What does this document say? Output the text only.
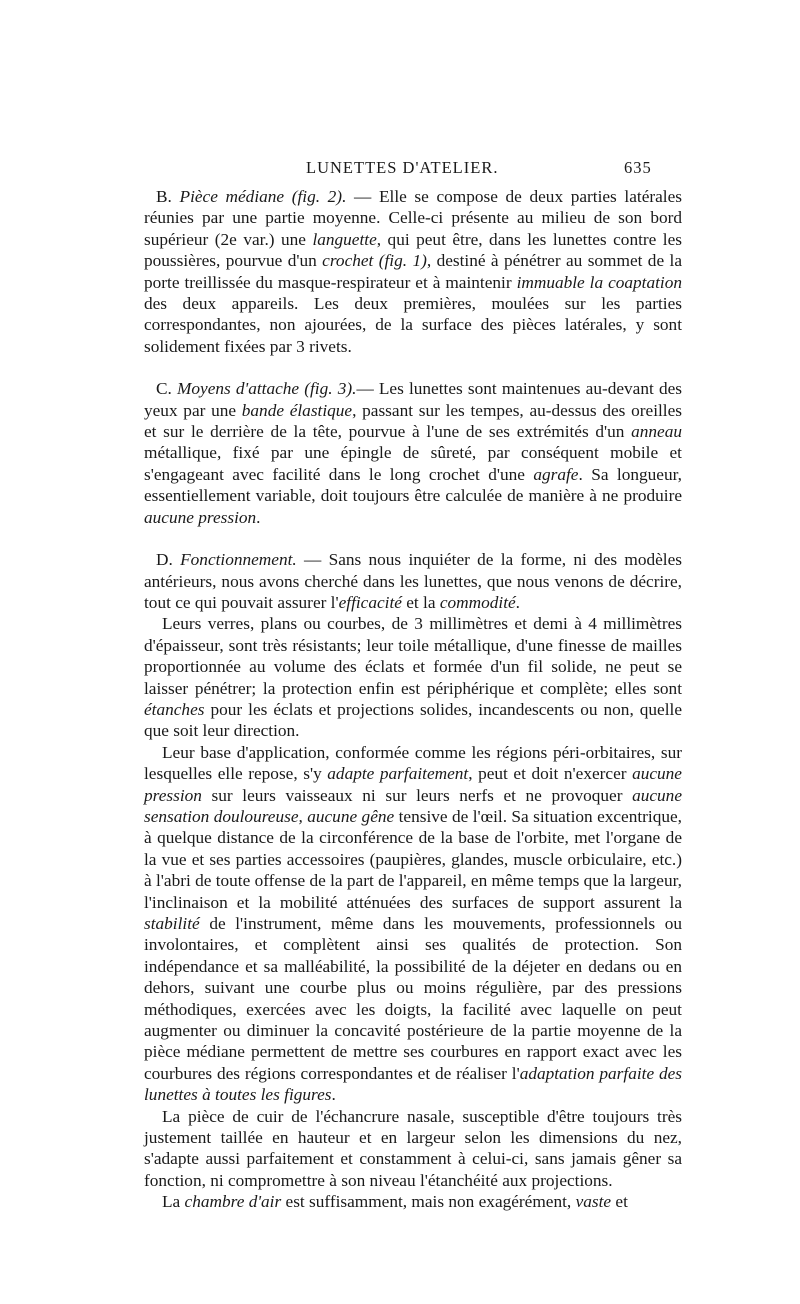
LUNETTES D'ATELIER.	635

B. Pièce médiane (fig. 2). — Elle se compose de deux parties latérales réunies par une partie moyenne. Celle-ci présente au milieu de son bord supérieur (2e var.) une languette, qui peut être, dans les lunettes contre les poussières, pourvue d'un crochet (fig. 1), destiné à pénétrer au sommet de la porte treillissée du masque-respirateur et à maintenir immuable la coaptation des deux appareils. Les deux premières, moulées sur les parties correspondantes, non ajourées, de la surface des pièces latérales, y sont solidement fixées par 3 rivets.

C. Moyens d'attache (fig. 3).— Les lunettes sont maintenues au-devant des yeux par une bande élastique, passant sur les tempes, au-dessus des oreilles et sur le derrière de la tête, pourvue à l'une de ses extrémités d'un anneau métallique, fixé par une épingle de sûreté, par conséquent mobile et s'engageant avec facilité dans le long crochet d'une agrafe. Sa longueur, essentiellement variable, doit toujours être calculée de manière à ne produire aucune pression.

D. Fonctionnement. — Sans nous inquiéter de la forme, ni des modèles antérieurs, nous avons cherché dans les lunettes, que nous venons de décrire, tout ce qui pouvait assurer l'efficacité et la commodité.

Leurs verres, plans ou courbes, de 3 millimètres et demi à 4 millimètres d'épaisseur, sont très résistants; leur toile métallique, d'une finesse de mailles proportionnée au volume des éclats et formée d'un fil solide, ne peut se laisser pénétrer; la protection enfin est périphérique et complète; elles sont étanches pour les éclats et projections solides, incandescents ou non, quelle que soit leur direction.

Leur base d'application, conformée comme les régions péri-orbitaires, sur lesquelles elle repose, s'y adapte parfaitement, peut et doit n'exercer aucune pression sur leurs vaisseaux ni sur leurs nerfs et ne provoquer aucune sensation douloureuse, aucune gêne tensive de l'œil. Sa situation excentrique, à quelque distance de la circonférence de la base de l'orbite, met l'organe de la vue et ses parties accessoires (paupières, glandes, muscle orbiculaire, etc.) à l'abri de toute offense de la part de l'appareil, en même temps que la largeur, l'inclinaison et la mobilité atténuées des surfaces de support assurent la stabilité de l'instrument, même dans les mouvements, professionnels ou involontaires, et complètent ainsi ses qualités de protection. Son indépendance et sa malléabilité, la possibilité de la déjeter en dedans ou en dehors, suivant une courbe plus ou moins régulière, par des pressions méthodiques, exercées avec les doigts, la facilité avec laquelle on peut augmenter ou diminuer la concavité postérieure de la partie moyenne de la pièce médiane permettent de mettre ses courbures en rapport exact avec les courbures des régions correspondantes et de réaliser l'adaptation parfaite des lunettes à toutes les figures.

La pièce de cuir de l'échancrure nasale, susceptible d'être toujours très justement taillée en hauteur et en largeur selon les dimensions du nez, s'adapte aussi parfaitement et constamment à celui-ci, sans jamais gêner sa fonction, ni compromettre à son niveau l'étanchéité aux projections.

La chambre d'air est suffisamment, mais non exagérément, vaste et
